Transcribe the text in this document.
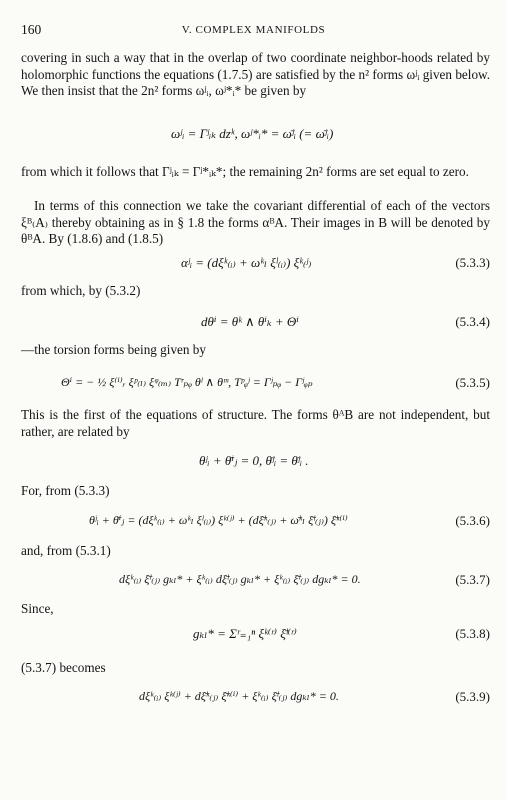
160	V. COMPLEX MANIFOLDS
covering in such a way that in the overlap of two coordinate neighbor-hoods related by holomorphic functions the equations (1.7.5) are satisfied by the n² forms ωʲᵢ given below. We then insist that the 2n² forms ωʲᵢ, ωʲ*ᵢ* be given by
ωʲᵢ = Γʲᵢₖ dzᵏ, ωʲ*ᵢ* = ω̄ʲᵢ (= ω̄ʲᵢ)
from which it follows that Γʲᵢₖ = Γʲ*ᵢₖ*; the remaining 2n² forms are set equal to zero.
In terms of this connection we take the covariant differential of each of the vectors ξᴮ₍A₎ thereby obtaining as in § 1.8 the forms αᴮA. Their images in B will be denoted by θᴮA. By (1.8.6) and (1.8.5)
αʲᵢ = (dξᵏ₍ᵢ₎ + ωᵏₗ ξˡ₍ᵢ₎) ξᵏ₍ʲ₎	(5.3.3)
from which, by (5.3.2)
dθⁱ = θᵏ ∧ θⁱₖ + Θⁱ	(5.3.4)
—the torsion forms being given by
Θⁱ = − ½ ξ⁽ⁱ⁾ᵣ ξᵖ₍ₗ₎ ξᵠ₍ₘ₎ Tʳₚᵩ θˡ ∧ θᵐ, Tᵖᵩʲ = Γʲₚᵩ − Γʲᵩₚ	(5.3.5)
This is the first of the equations of structure. The forms θᴬB are not independent, but rather, are related by
θʲᵢ + θ̄ⁱⱼ = 0, θ̄ʲᵢ = θ̄ʲᵢ .
For, from (5.3.3)
θʲᵢ + θ̄ⁱⱼ = (dξᵏ₍ᵢ₎ + ωᵏₗ ξˡ₍ᵢ₎) ξᵏ⁽ʲ⁾ + (dξ̄ᵏ₍ⱼ₎ + ω̄ᵏₗ ξ̄ˡ₍ⱼ₎) ξ̄ᵏ⁽ⁱ⁾	(5.3.6)
and, from (5.3.1)
dξᵏ₍ᵢ₎ ξ̄ˡ₍ⱼ₎ gₖₗ* + ξᵏ₍ᵢ₎ dξ̄ˡ₍ⱼ₎ gₖₗ* + ξᵏ₍ᵢ₎ ξ̄ˡ₍ⱼ₎ dgₖₗ* = 0.	(5.3.7)
Since,
gₖₗ* = Σʳ₌₁ⁿ ξᵏ⁽ʳ⁾ ξ̄ˡ⁽ʳ⁾	(5.3.8)
(5.3.7) becomes
dξᵏ₍ᵢ₎ ξᵏ⁽ʲ⁾ + dξ̄ᵏ₍ⱼ₎ ξ̄ᵏ⁽ⁱ⁾ + ξᵏ₍ᵢ₎ ξ̄ˡ₍ⱼ₎ dgₖₗ* = 0.	(5.3.9)
